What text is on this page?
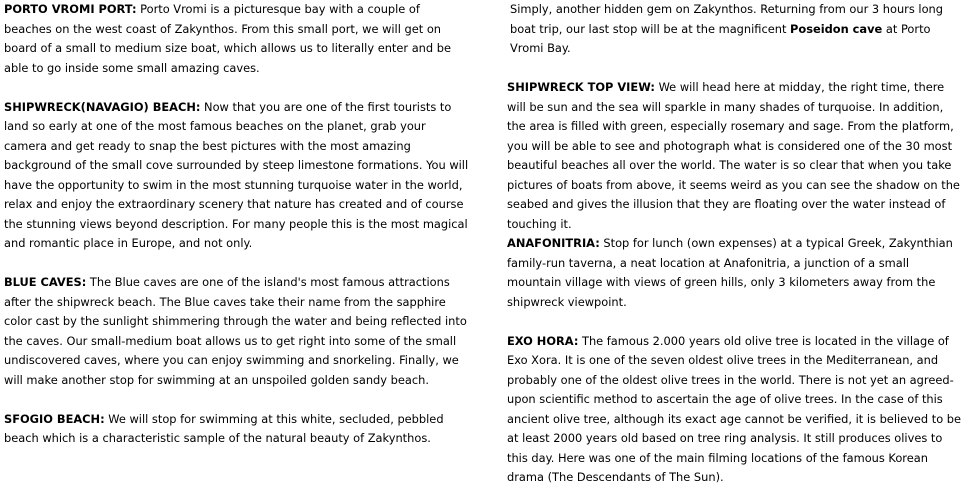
PORTO VROMI PORT: Porto Vromi is a picturesque bay with a couple of beaches on the west coast of Zakynthos. From this small port, we will get on board of a small to medium size boat, which allows us to literally enter and be able to go inside some small amazing caves.

SHIPWRECK(NAVAGIO) BEACH: Now that you are one of the first tourists to land so early at one of the most famous beaches on the planet, grab your camera and get ready to snap the best pictures with the most amazing background of the small cove surrounded by steep limestone formations. You will have the opportunity to swim in the most stunning turquoise water in the world, relax and enjoy the extraordinary scenery that nature has created and of course the stunning views beyond description. For many people this is the most magical and romantic place in Europe, and not only.

BLUE CAVES: The Blue caves are one of the island's most famous attractions after the shipwreck beach. The Blue caves take their name from the sapphire color cast by the sunlight shimmering through the water and being reflected into the caves. Our small-medium boat allows us to get right into some of the small undiscovered caves, where you can enjoy swimming and snorkeling. Finally, we will make another stop for swimming at an unspoiled golden sandy beach.

SFOGIO BEACH: We will stop for swimming at this white, secluded, pebbled beach which is a characteristic sample of the natural beauty of Zakynthos.

Simply, another hidden gem on Zakynthos. Returning from our 3 hours long boat trip, our last stop will be at the magnificent Poseidon cave at Porto Vromi Bay.

SHIPWRECK TOP VIEW: We will head here at midday, the right time, there will be sun and the sea will sparkle in many shades of turquoise. In addition, the area is filled with green, especially rosemary and sage. From the platform, you will be able to see and photograph what is considered one of the 30 most beautiful beaches all over the world. The water is so clear that when you take pictures of boats from above, it seems weird as you can see the shadow on the seabed and gives the illusion that they are floating over the water instead of touching it.

ANAFONITRIA: Stop for lunch (own expenses) at a typical Greek, Zakynthian family-run taverna, a neat location at Anafonitria, a junction of a small mountain village with views of green hills, only 3 kilometers away from the shipwreck viewpoint.

EXO HORA: The famous 2.000 years old olive tree is located in the village of Exo Xora. It is one of the seven oldest olive trees in the Mediterranean, and probably one of the oldest olive trees in the world. There is not yet an agreed-upon scientific method to ascertain the age of olive trees. In the case of this ancient olive tree, although its exact age cannot be verified, it is believed to be at least 2000 years old based on tree ring analysis. It still produces olives to this day. Here was one of the main filming locations of the famous Korean drama (The Descendants of The Sun).
